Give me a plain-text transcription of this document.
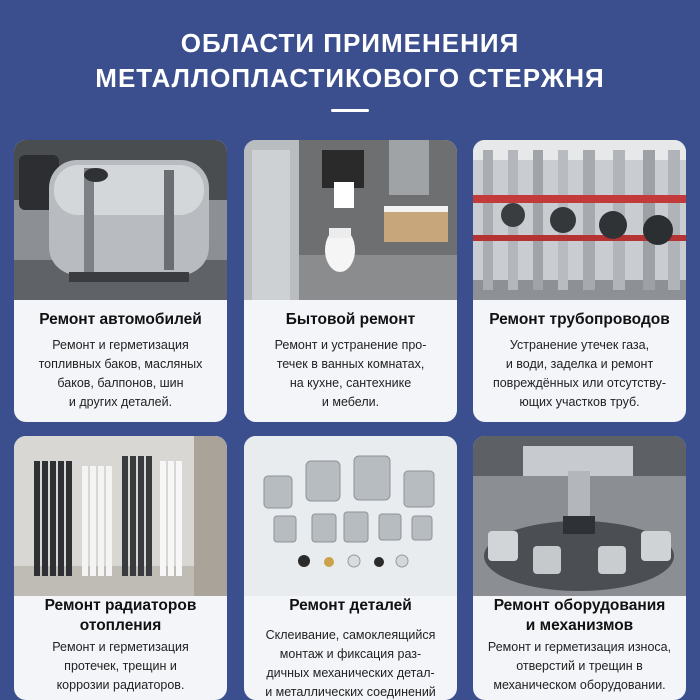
ОБЛАСТИ ПРИМЕНЕНИЯ
МЕТАЛЛОПЛАСТИКОВОГО СТЕРЖНЯ
Ремонт автомобилей
Ремонт и герметизация
топливных баков, масляных
баков, балпонов, шин
и других деталей.
Бытовой ремонт
Ремонт и устранение про-
течек в ванных комнатах,
на кухне, сантехнике
и мебели.
Ремонт трубопроводов
Устранение утечек газа,
и води, заделка и ремонт
повреждённых или отсутству-
ющих участков труб.
Ремонт радиаторов
отопления
Ремонт и герметизация
протечек, трещин и
коррозии радиаторов.
Ремонт деталей
Склеивание, самоклеящийся
монтаж и фиксация раз-
дичных механических детал-
и металлических соединений
Ремонт оборудования
и механизмов
Ремонт и герметизация износа,
отверстий и трещин в
механическом оборудовании.
